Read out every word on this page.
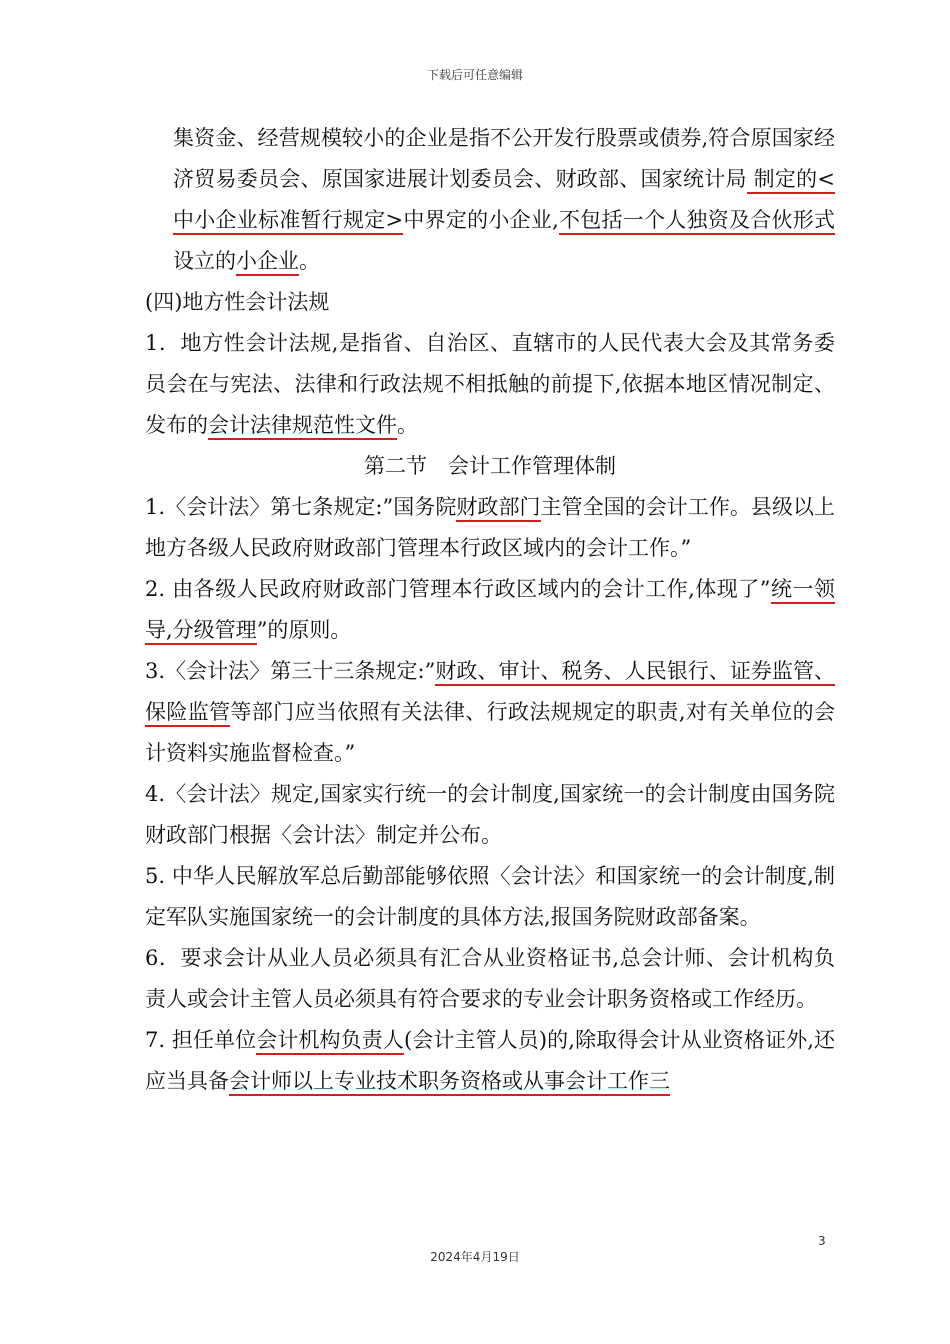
下载后可任意编辑

集资金、经营规模较小的企业是指不公开发行股票或债券,符合原国家经济贸易委员会、原国家进展计划委员会、财政部、国家统计局 制定的<中小企业标准暂行规定>中界定的小企业,不包括一个人独资及合伙形式设立的小企业。

(四)地方性会计法规

1．地方性会计法规,是指省、自治区、直辖市的人民代表大会及其常务委员会在与宪法、法律和行政法规不相抵触的前提下,依据本地区情况制定、发布的会计法律规范性文件。

第二节　会计工作管理体制

1.〈会计法〉第七条规定:”国务院财政部门主管全国的会计工作。县级以上地方各级人民政府财政部门管理本行政区域内的会计工作。”

2. 由各级人民政府财政部门管理本行政区域内的会计工作,体现了”统一领导,分级管理”的原则。

3.〈会计法〉第三十三条规定:”财政、审计、税务、人民银行、证券监管、保险监管等部门应当依照有关法律、行政法规规定的职责,对有关单位的会计资料实施监督检查。”

4.〈会计法〉规定,国家实行统一的会计制度,国家统一的会计制度由国务院财政部门根据〈会计法〉制定并公布。

5. 中华人民解放军总后勤部能够依照〈会计法〉和国家统一的会计制度,制定军队实施国家统一的会计制度的具体方法,报国务院财政部备案。

6．要求会计从业人员必须具有汇合从业资格证书,总会计师、会计机构负责人或会计主管人员必须具有符合要求的专业会计职务资格或工作经历。

7. 担任单位会计机构负责人(会计主管人员)的,除取得会计从业资格证外,还应当具备会计师以上专业技术职务资格或从事会计工作三

3
2024年4月19日
